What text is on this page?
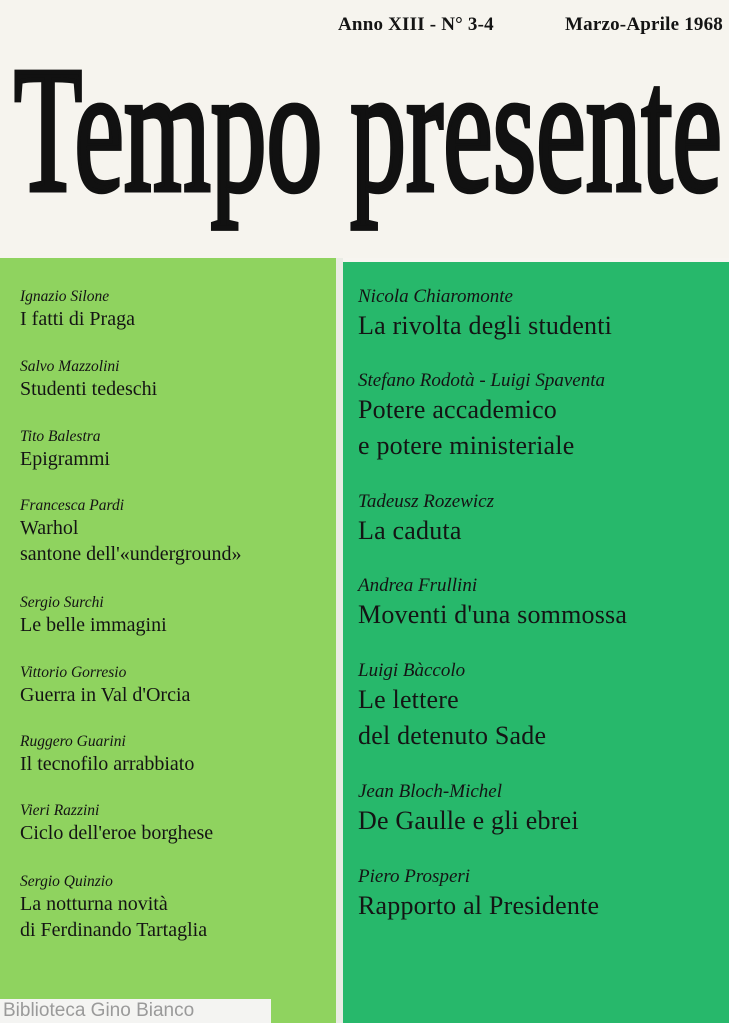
Anno XIII - N° 3-4	Marzo-Aprile 1968
Tempo presente
Ignazio Silone
I fatti di Praga
Salvo Mazzolini
Studenti tedeschi
Tito Balestra
Epigrammi
Francesca Pardi
Warhol
santone dell'«underground»
Sergio Surchi
Le belle immagini
Vittorio Gorresio
Guerra in Val d'Orcia
Ruggero Guarini
Il tecnofilo arrabbiato
Vieri Razzini
Ciclo dell'eroe borghese
Sergio Quinzio
La notturna novità
di Ferdinando Tartaglia
Nicola Chiaromonte
La rivolta degli studenti
Stefano Rodotà - Luigi Spaventa
Potere accademico
e potere ministeriale
Tadeusz Rozewicz
La caduta
Andrea Frullini
Moventi d'una sommossa
Luigi Bàccolo
Le lettere
del detenuto Sade
Jean Bloch-Michel
De Gaulle e gli ebrei
Piero Prosperi
Rapporto al Presidente
Biblioteca Gino Bianco
